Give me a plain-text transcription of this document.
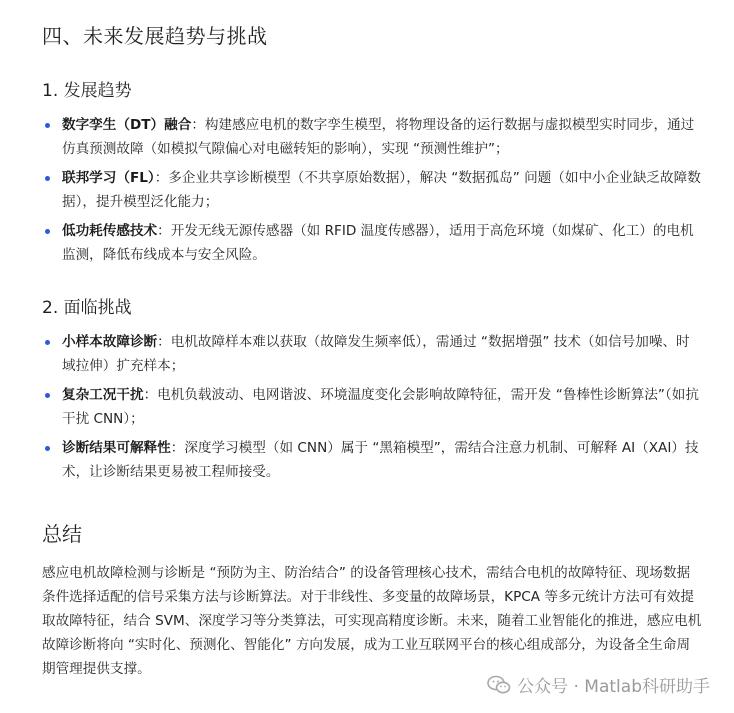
四、未来发展趋势与挑战
1. 发展趋势
数字孪生（DT）融合：构建感应电机的数字孪生模型，将物理设备的运行数据与虚拟模型实时同步，通过仿真预测故障（如模拟气隙偏心对电磁转矩的影响），实现 “预测性维护”；
联邦学习（FL）：多企业共享诊断模型（不共享原始数据），解决 “数据孤岛” 问题（如中小企业缺乏故障数据），提升模型泛化能力；
低功耗传感技术：开发无线无源传感器（如 RFID 温度传感器），适用于高危环境（如煤矿、化工）的电机监测，降低布线成本与安全风险。
2. 面临挑战
小样本故障诊断：电机故障样本难以获取（故障发生频率低），需通过 “数据增强” 技术（如信号加噪、时域拉伸）扩充样本；
复杂工况干扰：电机负载波动、电网谐波、环境温度变化会影响故障特征，需开发 “鲁棒性诊断算法”（如抗干扰 CNN）；
诊断结果可解释性：深度学习模型（如 CNN）属于 “黑箱模型”，需结合注意力机制、可解释 AI（XAI）技术，让诊断结果更易被工程师接受。
总结

感应电机故障检测与诊断是 “预防为主、防治结合” 的设备管理核心技术，需结合电机的故障特征、现场数据条件选择适配的信号采集方法与诊断算法。对于非线性、多变量的故障场景，KPCA 等多元统计方法可有效提取故障特征，结合 SVM、深度学习等分类算法，可实现高精度诊断。未来，随着工业智能化的推进，感应电机故障诊断将向 “实时化、预测化、智能化” 方向发展，成为工业互联网平台的核心组成部分，为设备全生命周期管理提供支撑。

公众号 · Matlab科研助手
